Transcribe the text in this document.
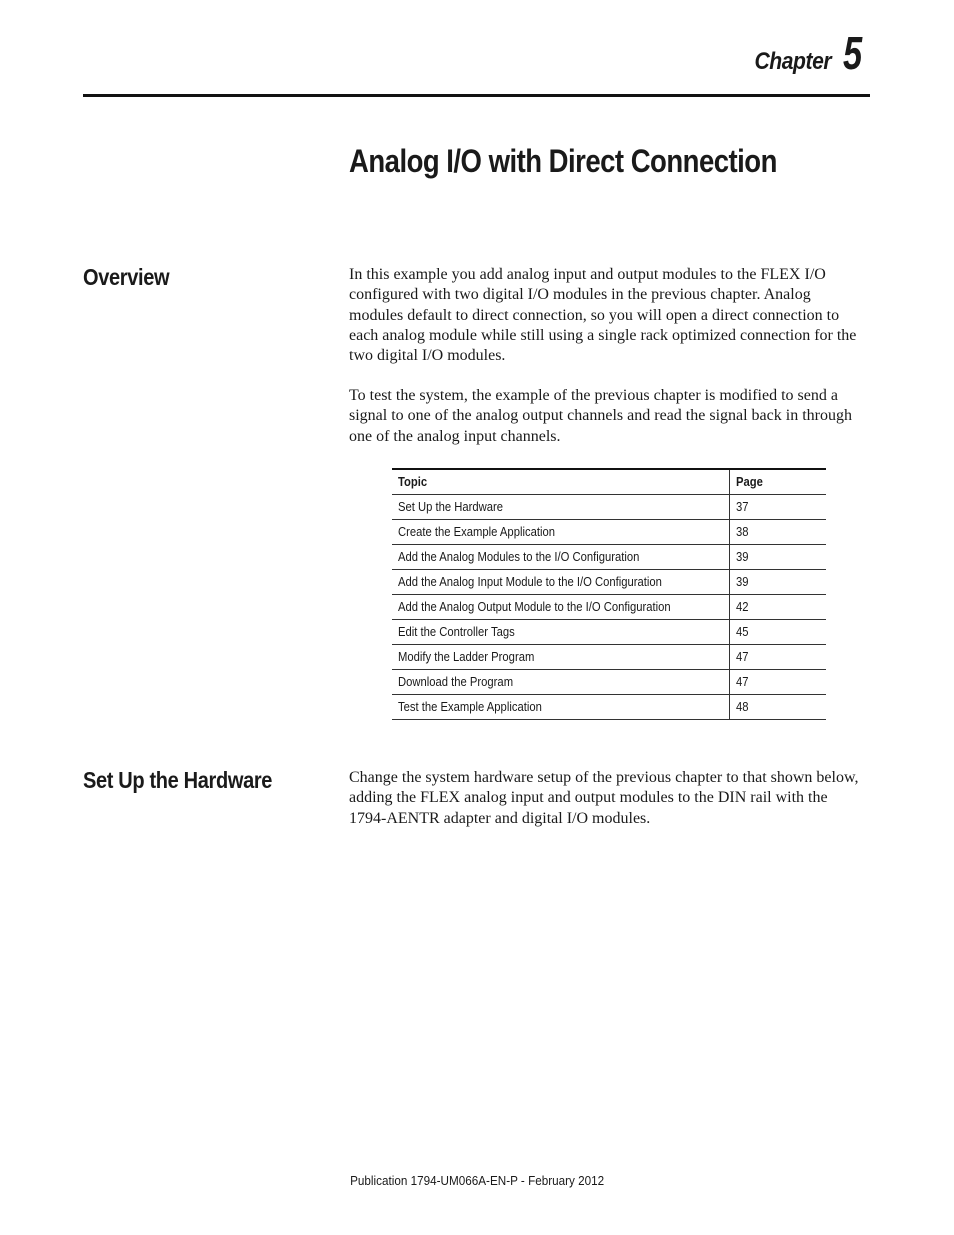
Chapter 5
Analog I/O with Direct Connection
Overview	In this example you add analog input and output modules to the FLEX I/O configured with two digital I/O modules in the previous chapter. Analog modules default to direct connection, so you will open a direct connection to each analog module while still using a single rack optimized connection for the two digital I/O modules.

To test the system, the example of the previous chapter is modified to send a signal to one of the analog output channels and read the signal back in through one of the analog input channels.

Topic	Page
Set Up the Hardware	37
Create the Example Application	38
Add the Analog Modules to the I/O Configuration	39
Add the Analog Input Module to the I/O Configuration	39
Add the Analog Output Module to the I/O Configuration	42
Edit the Controller Tags	45
Modify the Ladder Program	47
Download the Program	47
Test the Example Application	48
Set Up the Hardware	Change the system hardware setup of the previous chapter to that shown below, adding the FLEX analog input and output modules to the DIN rail with the 1794-AENTR adapter and digital I/O modules.

Publication 1794-UM066A-EN-P - February 2012
